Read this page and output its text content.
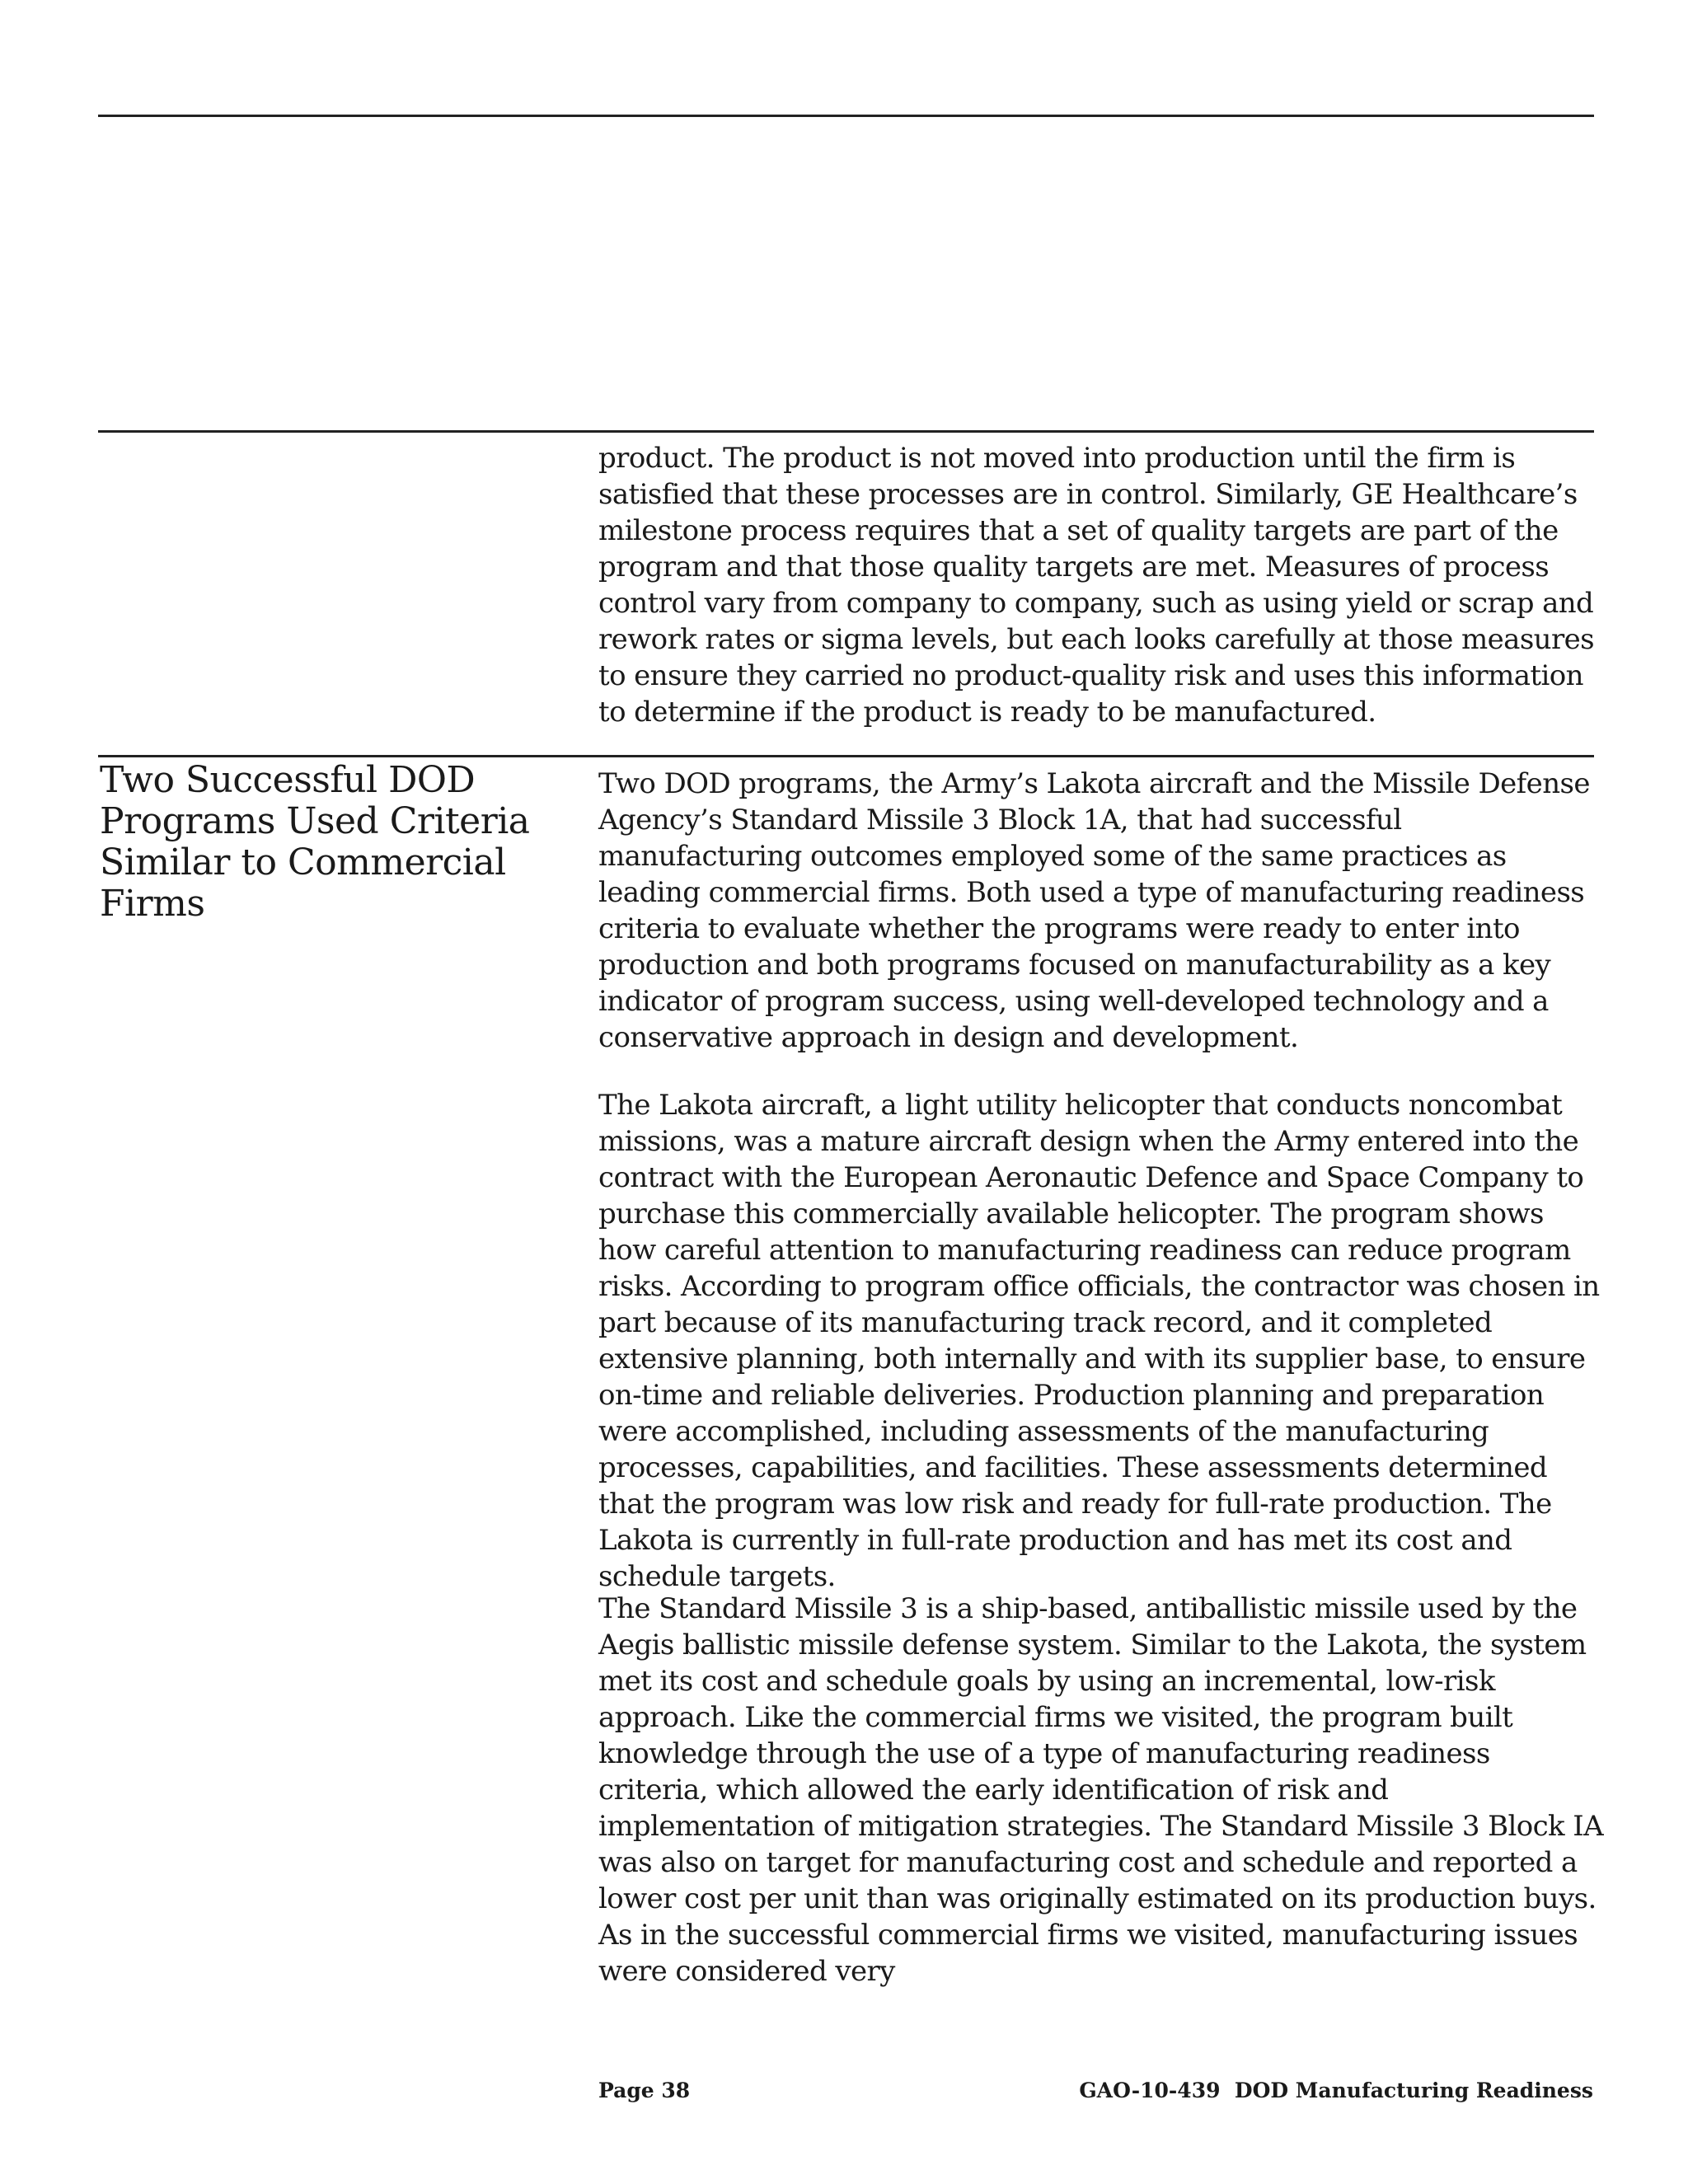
product. The product is not moved into production until the firm is satisfied that these processes are in control. Similarly, GE Healthcare’s milestone process requires that a set of quality targets are part of the program and that those quality targets are met. Measures of process control vary from company to company, such as using yield or scrap and rework rates or sigma levels, but each looks carefully at those measures to ensure they carried no product-quality risk and uses this information to determine if the product is ready to be manufactured.

Two Successful DOD Programs Used Criteria Similar to Commercial Firms

Two DOD programs, the Army’s Lakota aircraft and the Missile Defense Agency’s Standard Missile 3 Block 1A, that had successful manufacturing outcomes employed some of the same practices as leading commercial firms. Both used a type of manufacturing readiness criteria to evaluate whether the programs were ready to enter into production and both programs focused on manufacturability as a key indicator of program success, using well-developed technology and a conservative approach in design and development.

The Lakota aircraft, a light utility helicopter that conducts noncombat missions, was a mature aircraft design when the Army entered into the contract with the European Aeronautic Defence and Space Company to purchase this commercially available helicopter. The program shows how careful attention to manufacturing readiness can reduce program risks. According to program office officials, the contractor was chosen in part because of its manufacturing track record, and it completed extensive planning, both internally and with its supplier base, to ensure on-time and reliable deliveries. Production planning and preparation were accomplished, including assessments of the manufacturing processes, capabilities, and facilities. These assessments determined that the program was low risk and ready for full-rate production. The Lakota is currently in full-rate production and has met its cost and schedule targets.

The Standard Missile 3 is a ship-based, antiballistic missile used by the Aegis ballistic missile defense system. Similar to the Lakota, the system met its cost and schedule goals by using an incremental, low-risk approach. Like the commercial firms we visited, the program built knowledge through the use of a type of manufacturing readiness criteria, which allowed the early identification of risk and implementation of mitigation strategies. The Standard Missile 3 Block IA was also on target for manufacturing cost and schedule and reported a lower cost per unit than was originally estimated on its production buys. As in the successful commercial firms we visited, manufacturing issues were considered very

Page 38	GAO-10-439  DOD Manufacturing Readiness
